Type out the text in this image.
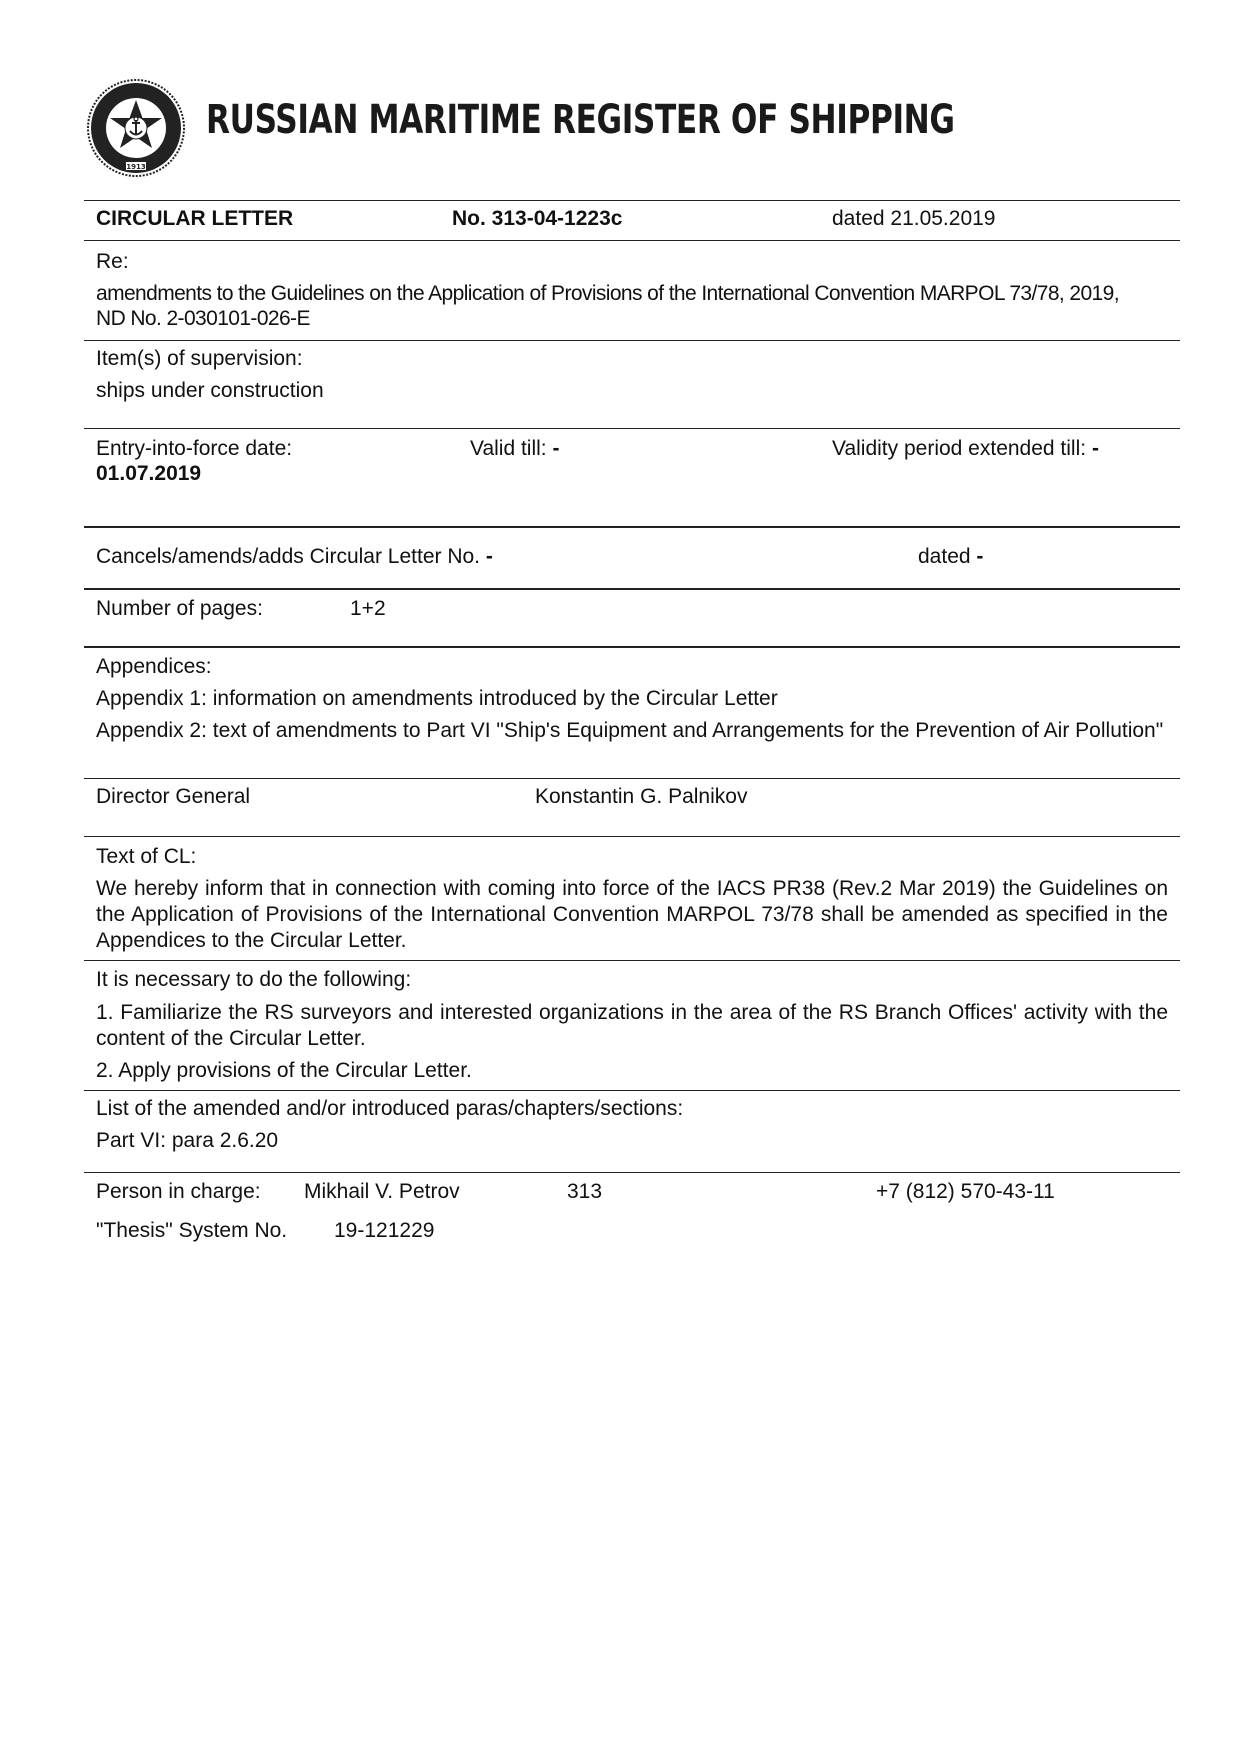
1913
RUSSIAN MARITIME REGISTER OF SHIPPING
CIRCULAR LETTER	No. 313-04-1223c	dated 21.05.2019
Re:
amendments to the Guidelines on the Application of Provisions of the International Convention MARPOL 73/78, 2019,
ND No. 2-030101-026-E
Item(s) of supervision:
ships under construction
Entry-into-force date:
01.07.2019
Valid till: -	Validity period extended till: -
Cancels/amends/adds Circular Letter No. -	dated -
Number of pages:	1+2
Appendices:
Appendix 1: information on amendments introduced by the Circular Letter
Appendix 2: text of amendments to Part VI "Ship's Equipment and Arrangements for the Prevention of Air Pollution"
Director General	Konstantin G. Palnikov
Text of CL:
We hereby inform that in connection with coming into force of the IACS PR38 (Rev.2 Mar 2019) the Guidelines on the Application of Provisions of the International Convention MARPOL 73/78 shall be amended as specified in the Appendices to the Circular Letter.
It is necessary to do the following:
1. Familiarize the RS surveyors and interested organizations in the area of the RS Branch Offices' activity with the content of the Circular Letter.
2. Apply provisions of the Circular Letter.
List of the amended and/or introduced paras/chapters/sections:
Part VI: para 2.6.20
Person in charge: Mikhail V. Petrov	313	+7 (812) 570-43-11
"Thesis" System No. 19-121229
